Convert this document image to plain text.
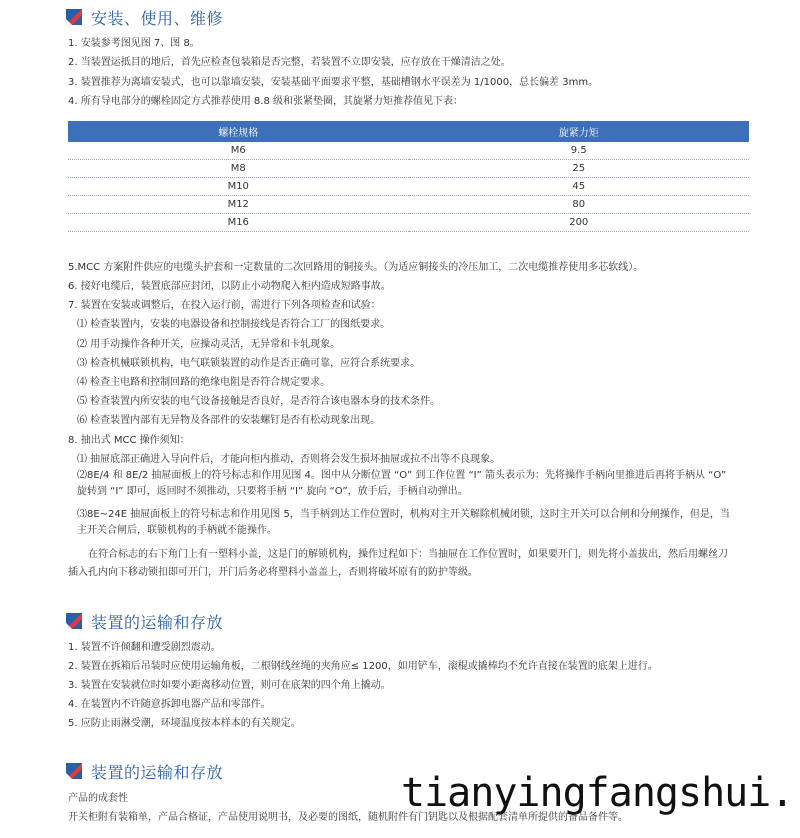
安装、使用、维修
1. 安装参考图见图 7、图 8。
2. 当装置运抵目的地后，首先应检查包装箱是否完整，若装置不立即安装，应存放在干燥清洁之处。
3. 装置推荐为离墙安装式，也可以靠墙安装，安装基础平面要求平整，基础槽钢水平误差为 1/1000，总长偏差 3mm。
4. 所有导电部分的螺栓固定方式推荐使用 8.8 级和张紧垫圈，其旋紧力矩推荐值见下表：
螺栓规格	旋紧力矩
M6	9.5
M8	25
M10	45
M12	80
M16	200
5.MCC 方案附件供应的电缆头护套和一定数量的二次回路用的铜接头。（为适应铜接头的冷压加工，二次电缆推荐使用多芯软线）。
6. 接好电缆后，装置底部应封闭，以防止小动物爬入柜内造成短路事故。
7. 装置在安装或调整后，在投入运行前，需进行下列各项检查和试验：
⑴ 检查装置内，安装的电器设备和控制接线是否符合工厂的图纸要求。
⑵ 用手动操作各种开关，应操动灵活，无异常和卡轧现象。
⑶ 检查机械联锁机构，电气联锁装置的动作是否正确可靠，应符合系统要求。
⑷ 检查主电路和控制回路的绝缘电阻是否符合规定要求。
⑸ 检查装置内所安装的电气设备接触是否良好，是否符合该电器本身的技术条件。
⑹ 检查装置内部有无异物及各部件的安装螺钉是否有松动现象出现。
8. 抽出式 MCC 操作须知：
⑴ 抽屉底部正确进入导向件后，才能向柜内推动，否则将会发生损坏抽屉或拉不出等不良现象。
⑵8E/4 和 8E/2 抽屉面板上的符号标志和作用见图 4。图中从分断位置 “O” 到工作位置 “I” 箭头表示为：先将操作手柄向里推进后再将手柄从 “O” 旋转到 “I” 即可，返回时不须推动，只要将手柄 “I” 旋向 “O”，放手后，手柄自动弹出。
⑶8E~24E 抽屉面板上的符号标志和作用见图 5，当手柄到达工作位置时，机构对主开关解除机械闭锁，这时主开关可以合闸和分闸操作，但是，当主开关合闸后，联锁机构的手柄就不能操作。
在符合标志的右下角门上有一塑料小盖，这是门的解锁机构，操作过程如下：当抽屉在工作位置时，如果要开门，则先将小盖拔出，然后用螺丝刀插入孔内向下移动锁扣即可开门，开门后务必将塑料小盖盖上，否则将破坏原有的防护等级。
装置的运输和存放
1. 装置不许倾翻和遭受剧烈震动。
2. 装置在拆箱后吊装时应使用运输角板，二根钢线丝绳的夹角应≤ 1200，如用铲车，滚棍或撬棒均不允许直接在装置的底架上进行。
3. 装置在安装就位时如要小距离移动位置，则可在底架的四个角上撬动。
4. 在装置内不许随意拆卸电器产品和零部件。
5. 应防止雨淋受潮，环境温度按本样本的有关规定。
装置的运输和存放
产品的成套性
开关柜附有装箱单，产品合格证，产品使用说明书，及必要的图纸，随机附件有门钥匙以及根据配套清单所提供的备品备件等。
tianyingfangshui.
